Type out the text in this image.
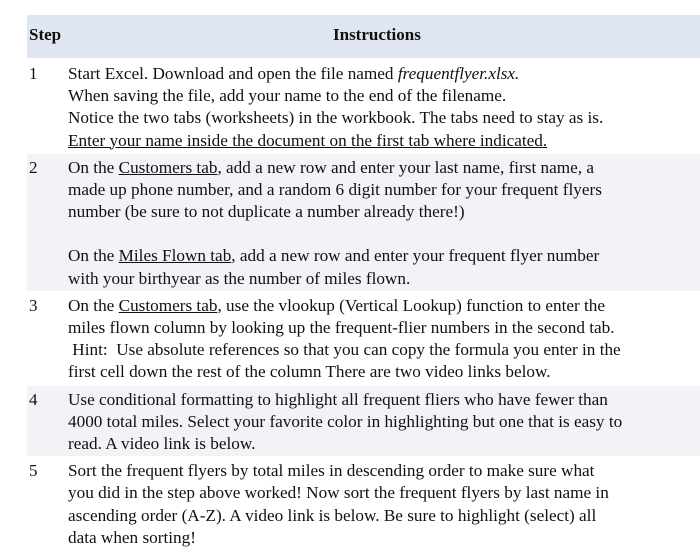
Step	Instructions
1 Start Excel. Download and open the file named frequentflyer.xlsx.
When saving the file, add your name to the end of the filename.
Notice the two tabs (worksheets) in the workbook. The tabs need to stay as is.
Enter your name inside the document on the first tab where indicated.
2 On the Customers tab, add a new row and enter your last name, first name, a
made up phone number, and a random 6 digit number for your frequent flyers
number (be sure to not duplicate a number already there!)
On the Miles Flown tab, add a new row and enter your frequent flyer number
with your birthyear as the number of miles flown.
3 On the Customers tab, use the vlookup (Vertical Lookup) function to enter the
miles flown column by looking up the frequent-flier numbers in the second tab.
Hint:  Use absolute references so that you can copy the formula you enter in the
first cell down the rest of the column There are two video links below.
4 Use conditional formatting to highlight all frequent fliers who have fewer than
4000 total miles. Select your favorite color in highlighting but one that is easy to
read. A video link is below.
5 Sort the frequent flyers by total miles in descending order to make sure what
you did in the step above worked! Now sort the frequent flyers by last name in
ascending order (A-Z). A video link is below. Be sure to highlight (select) all
data when sorting!
